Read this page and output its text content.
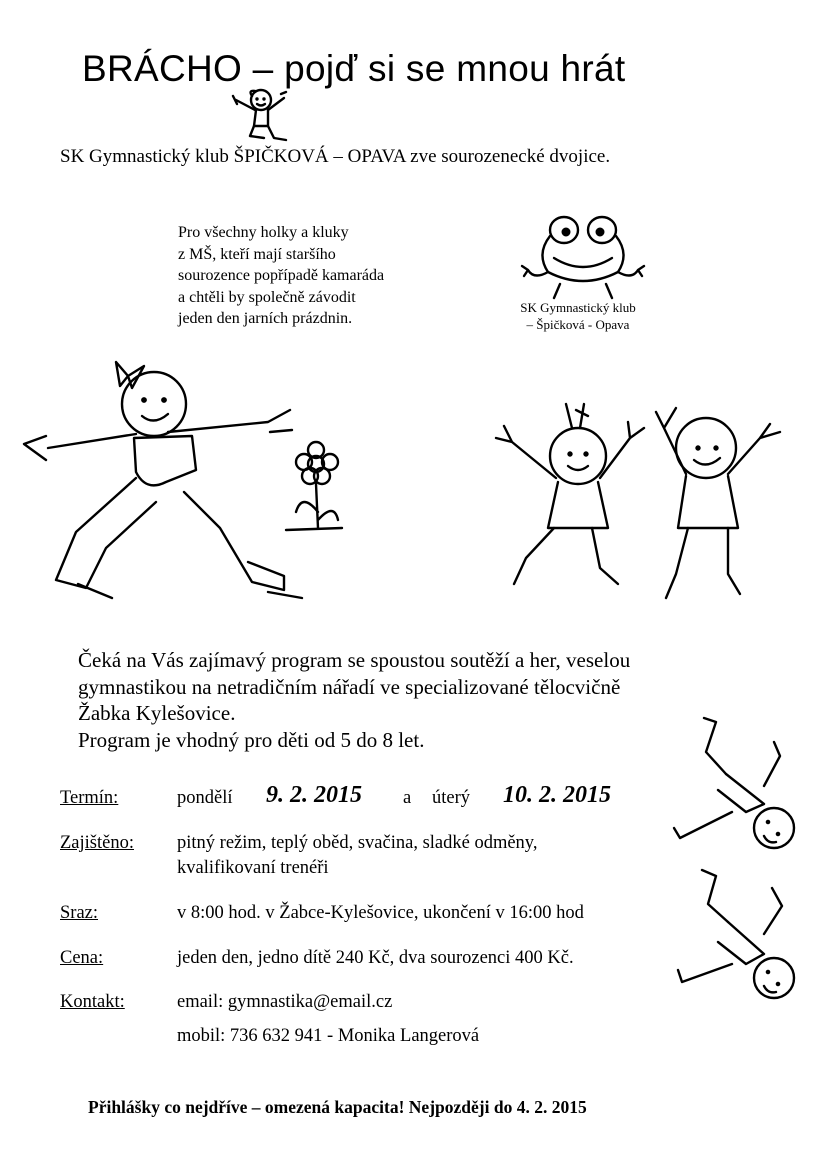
BRÁCHO – pojď si se mnou hrát
SK Gymnastický klub ŠPIČKOVÁ – OPAVA zve sourozenecké dvojice.
Pro všechny holky a kluky
z MŠ, kteří mají staršího
sourozence popřípadě kamaráda
a chtěli by společně závodit
jeden den jarních prázdnin.
SK Gymnastický klub
– Špičková - Opava
Čeká na Vás zajímavý program se spoustou soutěží a her, veselou
gymnastikou na netradičním nářadí ve specializované tělocvičně
Žabka Kylešovice.
Program je vhodný pro děti od 5 do 8 let.
Termín:	pondělí 9. 2. 2015 a úterý 10. 2. 2015
Zajištěno: pitný režim, teplý oběd, svačina, sladké odměny,
kvalifikovaní trenéři
Sraz:	v 8:00 hod. v Žabce-Kylešovice, ukončení v 16:00 hod
Cena:	jeden den, jedno dítě 240 Kč, dva sourozenci 400 Kč.
Kontakt:	email: gymnastika@email.cz
mobil: 736 632 941 - Monika Langerová
Přihlášky co nejdříve – omezená kapacita! Nejpozději do 4. 2. 2015
